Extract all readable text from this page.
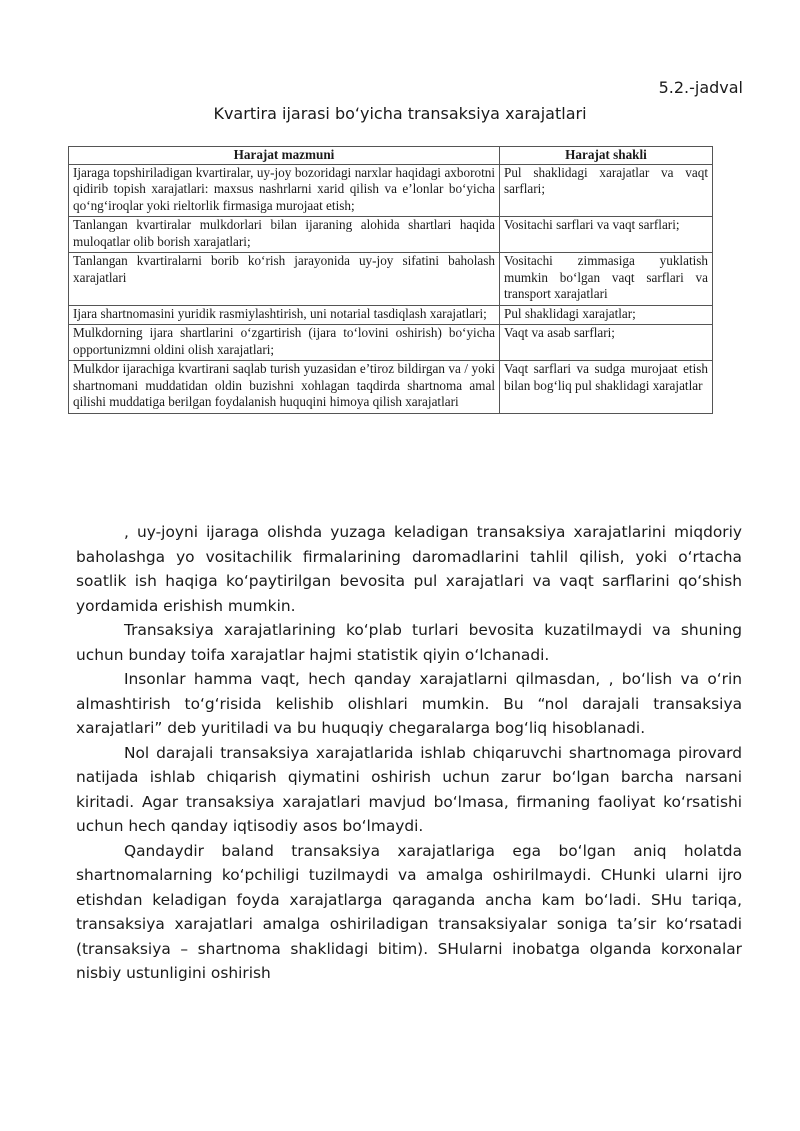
5.2.-jadval

Kvartira ijarasi bo‘yicha transaksiya xarajatlari

Harajat mazmuni	Harajat shakli
Ijaraga topshiriladigan kvartiralar, uy-joy bozoridagi narxlar haqidagi axborotni qidirib topish xarajatlari: maxsus nashrlarni xarid qilish va e’lonlar bo‘yicha qo‘ng‘iroqlar yoki rieltorlik firmasiga murojaat etish;	Pul shaklidagi xarajatlar va vaqt sarflari;
Tanlangan kvartiralar mulkdorlari bilan ijaraning alohida shartlari haqida muloqatlar olib borish xarajatlari;	Vositachi sarflari va vaqt sarflari;
Tanlangan kvartiralarni borib ko‘rish jarayonida uy-joy sifatini baholash xarajatlari	Vositachi zimmasiga yuklatish mumkin bo‘lgan vaqt sarflari va transport xarajatlari
Ijara shartnomasini yuridik rasmiylashtirish, uni notarial tasdiqlash xarajatlari;	Pul shaklidagi xarajatlar;
Mulkdorning ijara shartlarini o‘zgartirish (ijara to‘lovini oshirish) bo‘yicha opportunizmni oldini olish xarajatlari;	Vaqt va asab sarflari;
Mulkdor ijarachiga kvartirani saqlab turish yuzasidan e’tiroz bildirgan va / yoki shartnomani muddatidan oldin buzishni xohlagan taqdirda shartnoma amal qilishi muddatiga berilgan foydalanish huquqini himoya qilish xarajatlari	Vaqt sarflari va sudga murojaat etish bilan bog‘liq pul shaklidagi xarajatlar

, uy-joyni ijaraga olishda yuzaga keladigan transaksiya xarajatlarini miqdoriy baholashga yo vositachilik firmalarining daromadlarini tahlil qilish, yoki o‘rtacha soatlik ish haqiga ko‘paytirilgan bevosita pul xarajatlari va vaqt sarflarini qo‘shish yordamida erishish mumkin.

Transaksiya xarajatlarining ko‘plab turlari bevosita kuzatilmaydi va shuning uchun bunday toifa xarajatlar hajmi statistik qiyin o‘lchanadi.

Insonlar hamma vaqt, hech qanday xarajatlarni qilmasdan, , bo‘lish va o‘rin almashtirish to‘g‘risida kelishib olishlari mumkin. Bu “nol darajali transaksiya xarajatlari” deb yuritiladi va bu huquqiy chegaralarga bog‘liq hisoblanadi.

Nol darajali transaksiya xarajatlarida ishlab chiqaruvchi shartnomaga pirovard natijada ishlab chiqarish qiymatini oshirish uchun zarur bo‘lgan barcha narsani kiritadi. Agar transaksiya xarajatlari mavjud bo‘lmasa, firmaning faoliyat ko‘rsatishi uchun hech qanday iqtisodiy asos bo‘lmaydi.

Qandaydir baland transaksiya xarajatlariga ega bo‘lgan aniq holatda shartnomalarning ko‘pchiligi tuzilmaydi va amalga oshirilmaydi. CHunki ularni ijro etishdan keladigan foyda xarajatlarga qaraganda ancha kam bo‘ladi. SHu tariqa, transaksiya xarajatlari amalga oshiriladigan transaksiyalar soniga ta’sir ko‘rsatadi (transaksiya – shartnoma shaklidagi bitim). SHularni inobatga olganda korxonalar nisbiy ustunligini oshirish
